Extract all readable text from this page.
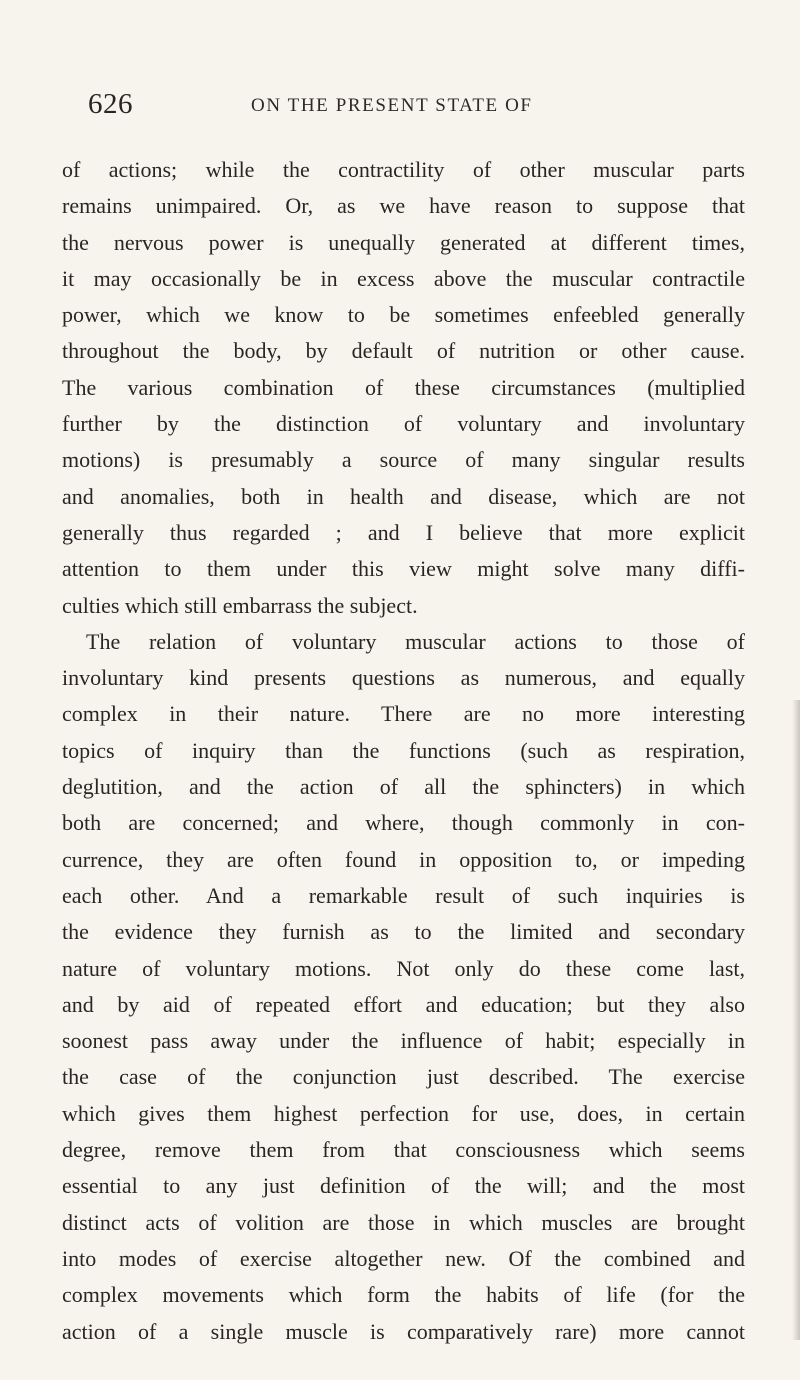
626	ON THE PRESENT STATE OF
of actions; while the contractility of other muscular parts
remains unimpaired. Or, as we have reason to suppose that
the nervous power is unequally generated at different times,
it may occasionally be in excess above the muscular contractile
power, which we know to be sometimes enfeebled generally
throughout the body, by default of nutrition or other cause.
The various combination of these circumstances (multiplied
further by the distinction of voluntary and involuntary
motions) is presumably a source of many singular results
and anomalies, both in health and disease, which are not
generally thus regarded ; and I believe that more explicit
attention to them under this view might solve many diffi-
culties which still embarrass the subject.
The relation of voluntary muscular actions to those of
involuntary kind presents questions as numerous, and equally
complex in their nature. There are no more interesting
topics of inquiry than the functions (such as respiration,
deglutition, and the action of all the sphincters) in which
both are concerned; and where, though commonly in con-
currence, they are often found in opposition to, or impeding
each other. And a remarkable result of such inquiries is
the evidence they furnish as to the limited and secondary
nature of voluntary motions. Not only do these come last,
and by aid of repeated effort and education; but they also
soonest pass away under the influence of habit; especially in
the case of the conjunction just described. The exercise
which gives them highest perfection for use, does, in certain
degree, remove them from that consciousness which seems
essential to any just definition of the will; and the most
distinct acts of volition are those in which muscles are brought
into modes of exercise altogether new. Of the combined and
complex movements which form the habits of life (for the
action of a single muscle is comparatively rare) more cannot
